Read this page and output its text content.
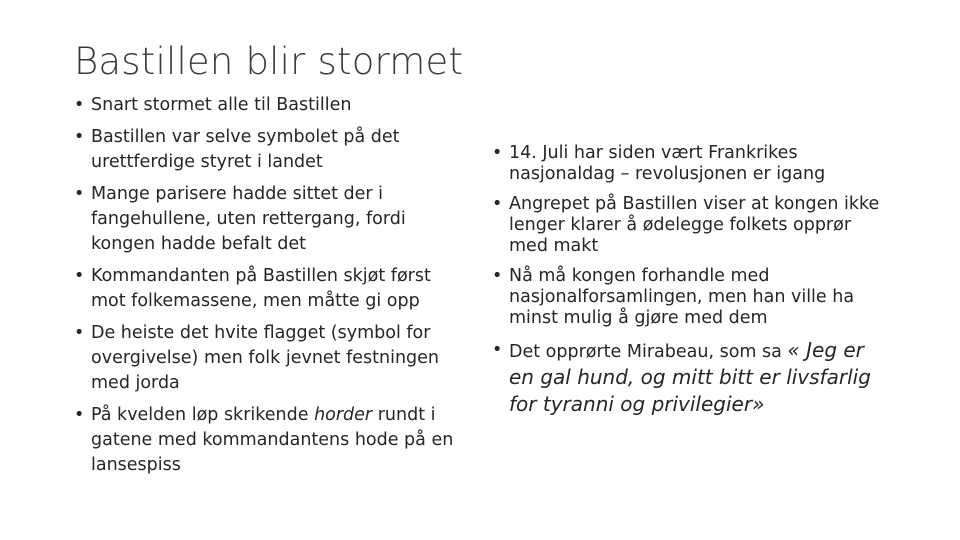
Bastillen blir stormet
• Snart stormet alle til Bastillen
• Bastillen var selve symbolet på det urettferdige styret i landet
• Mange parisere hadde sittet der i fangehullene, uten rettergang, fordi kongen hadde befalt det
• Kommandanten på Bastillen skjøt først mot folkemassene, men måtte gi opp
• De heiste det hvite flagget (symbol for overgivelse) men folk jevnet festningen med jorda
• På kvelden løp skrikende horder rundt i gatene med kommandantens hode på en lansespiss
• 14. Juli har siden vært Frankrikes nasjonaldag – revolusjonen er igang
• Angrepet på Bastillen viser at kongen ikke lenger klarer å ødelegge folkets opprør med makt
• Nå må kongen forhandle med nasjonalforsamlingen, men han ville ha minst mulig å gjøre med dem
• Det opprørte Mirabeau, som sa « Jeg er en gal hund, og mitt bitt er livsfarlig for tyranni og privilegier»
